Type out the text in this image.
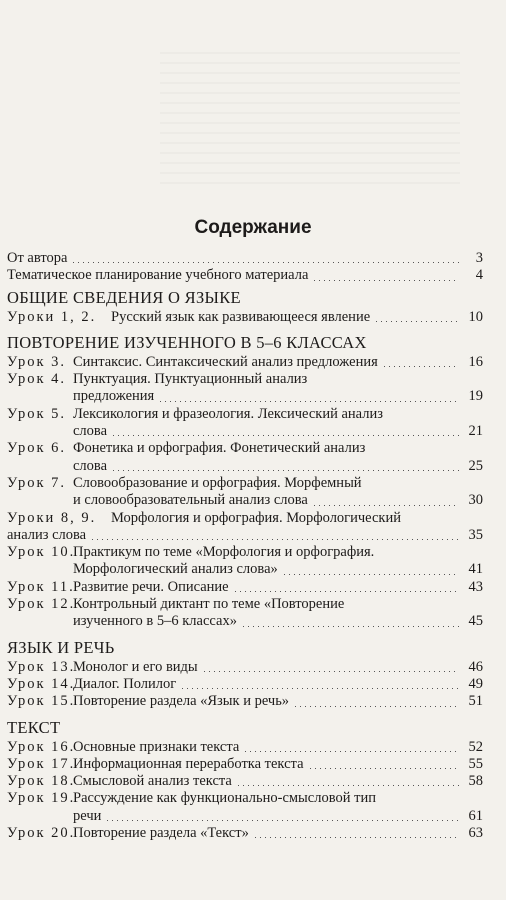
Содержание
От автора	3
Тематическое планирование учебного материала	4
ОБЩИЕ СВЕДЕНИЯ О ЯЗЫКЕ
Уроки 1, 2.	Русский язык как развивающееся явление	10
ПОВТОРЕНИЕ ИЗУЧЕННОГО В 5–6 КЛАССАХ
Урок 3. Синтаксис. Синтаксический анализ предложения	16
Урок 4. Пунктуация. Пунктуационный анализ
предложения	19
Урок 5. Лексикология и фразеология. Лексический анализ
слова	21
Урок 6. Фонетика и орфография. Фонетический анализ
слова	25
Урок 7. Словообразование и орфография. Морфемный
и словообразовательный анализ слова	30
Уроки 8, 9.	Морфология и орфография. Морфологический
анализ слова	35
Урок 10.
Практикум по теме «Морфология и орфография.
Морфологический анализ слова»	41
Урок 11.
Развитие речи. Описание	43
Урок 12.
Контрольный диктант по теме «Повторение
изученного в 5–6 классах»	45
ЯЗЫК И РЕЧЬ
Урок 13.
Монолог и его виды	46
Урок 14.
Диалог. Полилог	49
Урок 15.
Повторение раздела «Язык и речь»	51
ТЕКСТ
Урок 16.
Основные признаки текста	52
Урок 17.
Информационная переработка текста	55
Урок 18.
Смысловой анализ текста	58
Урок 19.
Рассуждение как функционально-смысловой тип
речи	61
Урок 20.
Повторение раздела «Текст»	63
